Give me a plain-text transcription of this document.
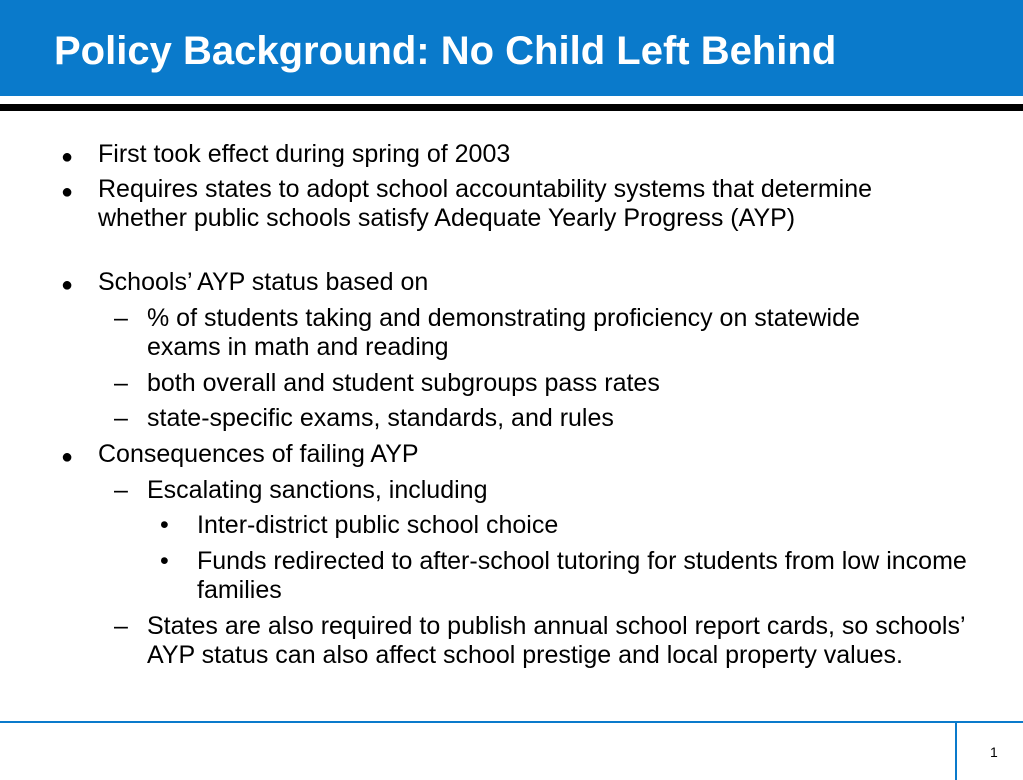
Policy Background: No Child Left Behind
● First took effect during spring of 2003
● Requires states to adopt school accountability systems that determine whether public schools satisfy Adequate Yearly Progress (AYP)
● Schools’ AYP status based on
– % of students taking and demonstrating proficiency on statewide exams in math and reading
– both overall and student subgroups pass rates
– state-specific exams, standards, and rules
● Consequences of failing AYP
– Escalating sanctions, including
• Inter-district public school choice
• Funds redirected to after-school tutoring for students from low income families
– States are also required to publish annual school report cards, so schools’ AYP status can also affect school prestige and local property values.
1
